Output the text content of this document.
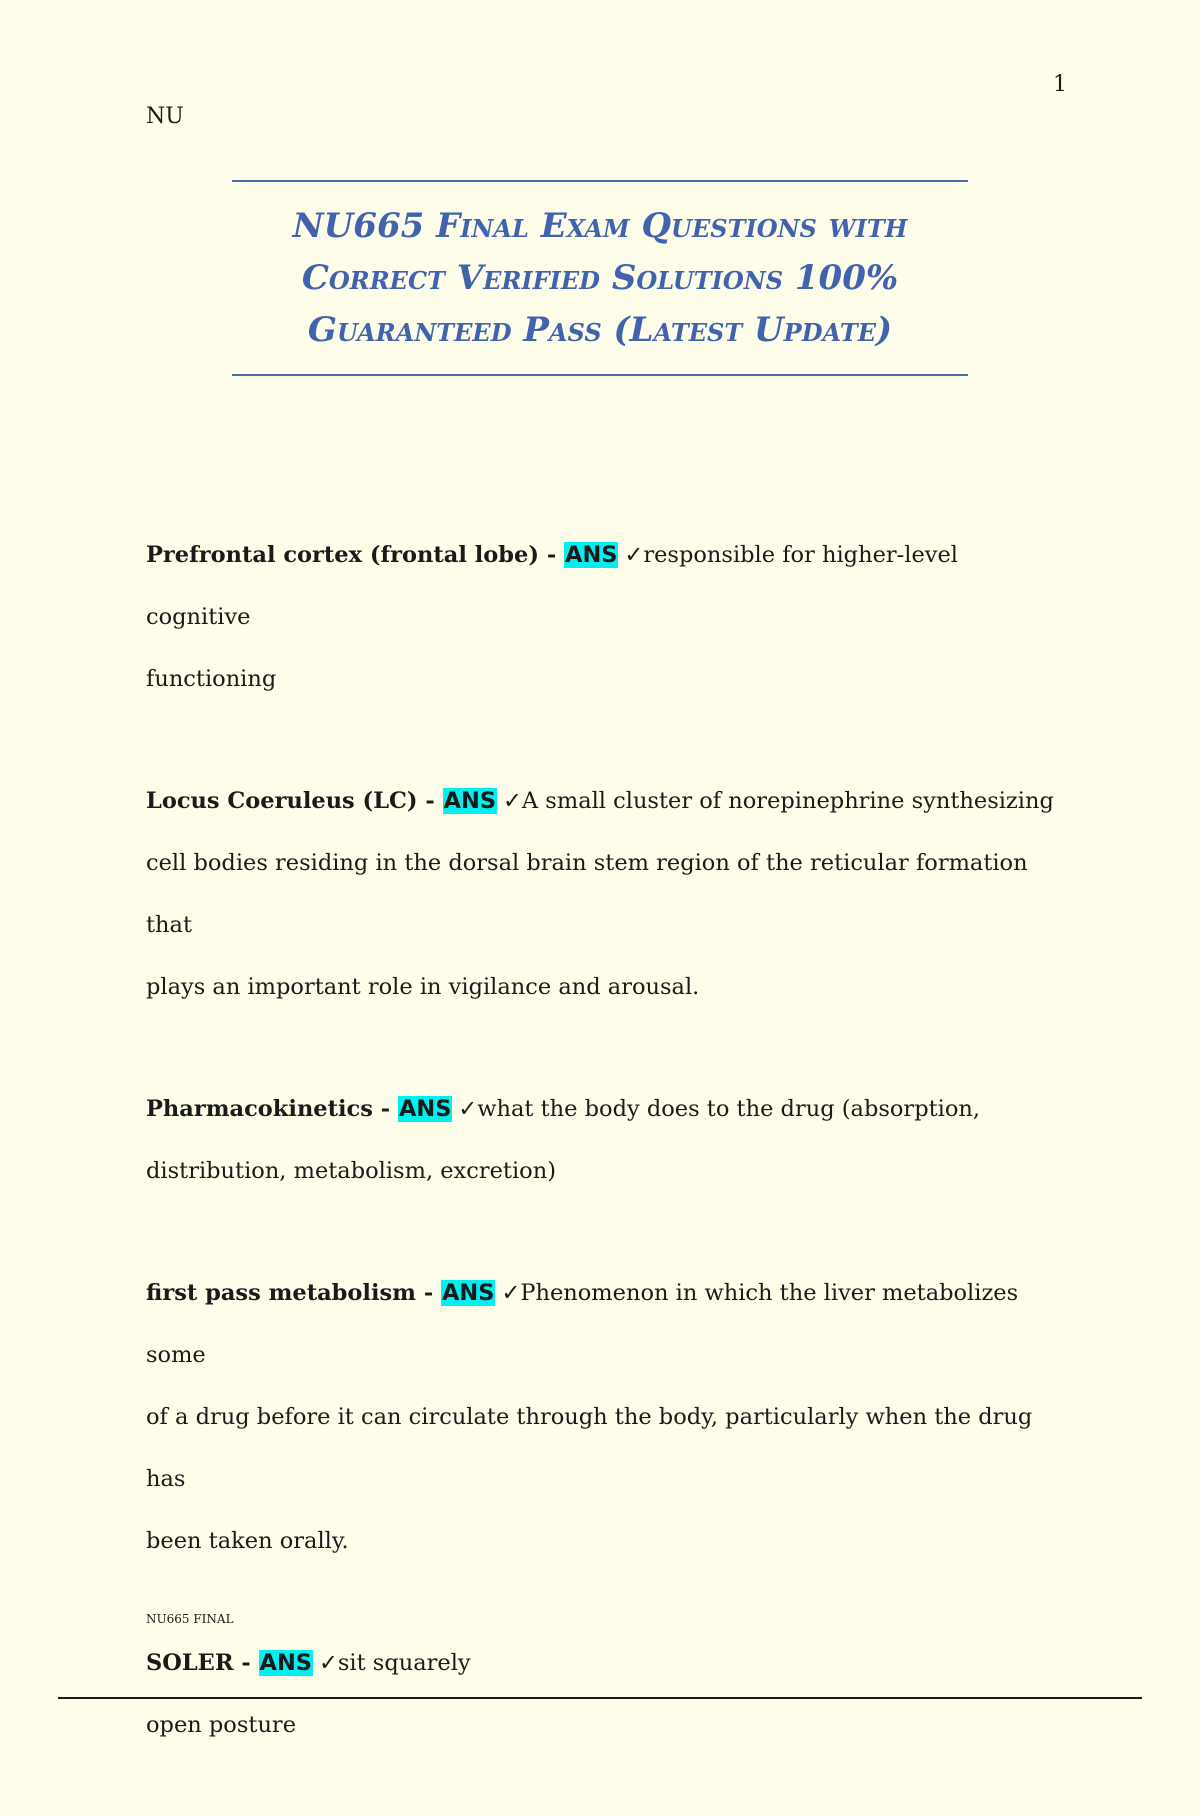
1
NU
NU665 Final Exam Questions with Correct Verified Solutions 100% Guaranteed Pass (Latest Update)

Prefrontal cortex (frontal lobe) - ANS ✓responsible for higher-level cognitive
functioning

Locus Coeruleus (LC) - ANS ✓A small cluster of norepinephrine synthesizing
cell bodies residing in the dorsal brain stem region of the reticular formation that
plays an important role in vigilance and arousal.

Pharmacokinetics - ANS ✓what the body does to the drug (absorption,
distribution, metabolism, excretion)

first pass metabolism - ANS ✓Phenomenon in which the liver metabolizes some
of a drug before it can circulate through the body, particularly when the drug has
been taken orally.

SOLER - ANS ✓sit squarely
open posture

NU665 FINAL
